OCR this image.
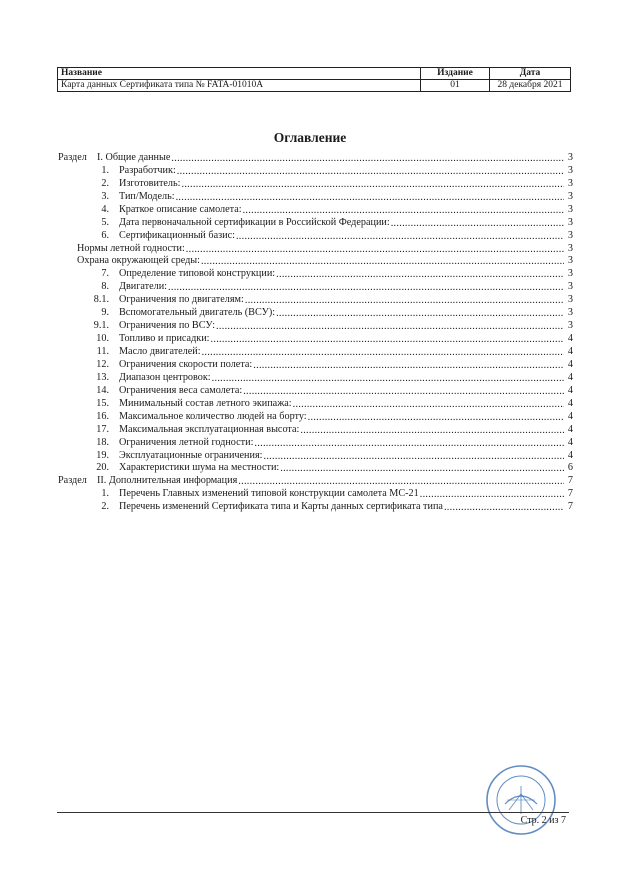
Название	Издание	Дата
Карта данных Сертификата типа № FATA-01010A	01	28 декабря 2021
Оглавление
Раздел I. Общие данные .....	3
1. Разработчик: .....	3
2. Изготовитель: .....	3
3. Тип/Модель: .....	3
4. Краткое описание самолета: .....	3
5. Дата первоначальной сертификации в Российской Федерации: .....	3
6. Сертификационный базис: .....	3
Нормы летной годности: .....	3
Охрана окружающей среды: .....	3
7. Определение типовой конструкции: .....	3
8. Двигатели: .....	3
8.1. Ограничения по двигателям: .....	3
9. Вспомогательный двигатель (ВСУ): .....	3
9.1. Ограничения по ВСУ: .....	3
10. Топливо и присадки: .....	4
11. Масло двигателей: .....	4
12. Ограничения скорости полета: .....	4
13. Диапазон центровок: .....	4
14. Ограничения веса самолета: .....	4
15. Минимальный состав летного экипажа: .....	4
16. Максимальное количество людей на борту: .....	4
17. Максимальная эксплуатационная высота: .....	4
18. Ограничения летной годности: .....	4
19. Эксплуатационные ограничения: .....	4
20. Характеристики шума на местности: .....	6
Раздел II. Дополнительная информация .....	7
1. Перечень Главных изменений типовой конструкции самолета МС-21 .....	7
2. Перечень изменений Сертификата типа и Карты данных сертификата типа .....	7
Стр. 2 из 7
